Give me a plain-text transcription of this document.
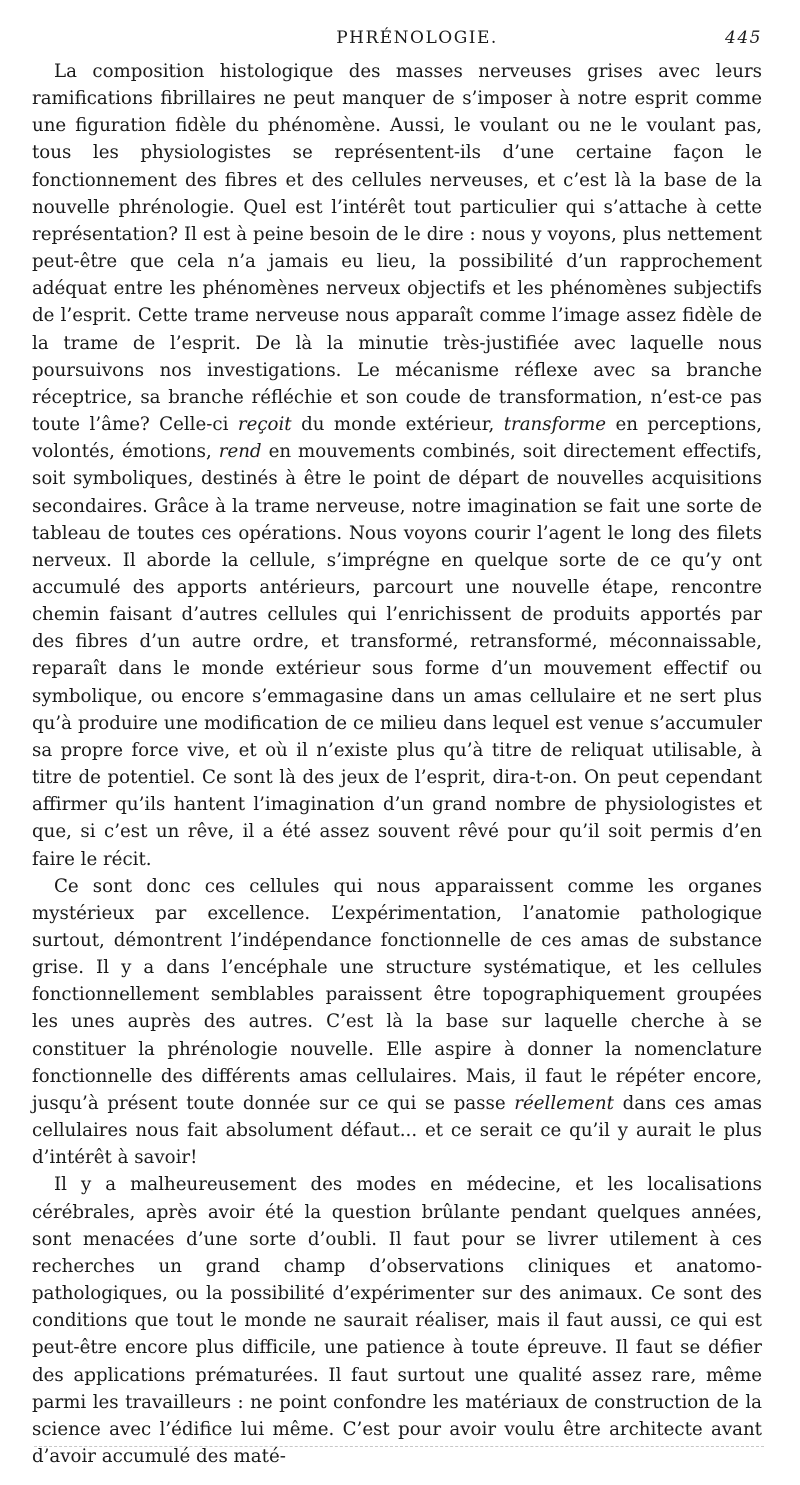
PHRÉNOLOGIE.	445

La composition histologique des masses nerveuses grises avec leurs ramifications fibrillaires ne peut manquer de s’imposer à notre esprit comme une figuration fidèle du phénomène. Aussi, le voulant ou ne le voulant pas, tous les physiologistes se représentent-ils d’une certaine façon le fonctionnement des fibres et des cellules nerveuses, et c’est là la base de la nouvelle phrénologie. Quel est l’intérêt tout particulier qui s’attache à cette représentation? Il est à peine besoin de le dire : nous y voyons, plus nettement peut-être que cela n’a jamais eu lieu, la possibilité d’un rapprochement adéquat entre les phénomènes nerveux objectifs et les phénomènes subjectifs de l’esprit. Cette trame nerveuse nous apparaît comme l’image assez fidèle de la trame de l’esprit. De là la minutie très-justifiée avec laquelle nous poursuivons nos investigations. Le mécanisme réflexe avec sa branche réceptrice, sa branche réfléchie et son coude de transformation, n’est-ce pas toute l’âme? Celle-ci reçoit du monde extérieur, transforme en perceptions, volontés, émotions, rend en mouvements combinés, soit directement effectifs, soit symboliques, destinés à être le point de départ de nouvelles acquisitions secondaires. Grâce à la trame nerveuse, notre imagination se fait une sorte de tableau de toutes ces opérations. Nous voyons courir l’agent le long des filets nerveux. Il aborde la cellule, s’imprégne en quelque sorte de ce qu’y ont accumulé des apports antérieurs, parcourt une nouvelle étape, rencontre chemin faisant d’autres cellules qui l’enrichissent de produits apportés par des fibres d’un autre ordre, et transformé, retransformé, méconnaissable, reparaît dans le monde extérieur sous forme d’un mouvement effectif ou symbolique, ou encore s’emmagasine dans un amas cellulaire et ne sert plus qu’à produire une modification de ce milieu dans lequel est venue s’accumuler sa propre force vive, et où il n’existe plus qu’à titre de reliquat utilisable, à titre de potentiel. Ce sont là des jeux de l’esprit, dira-t-on. On peut cependant affirmer qu’ils hantent l’imagination d’un grand nombre de physiologistes et que, si c’est un rêve, il a été assez souvent rêvé pour qu’il soit permis d’en faire le récit.

Ce sont donc ces cellules qui nous apparaissent comme les organes mystérieux par excellence. L’expérimentation, l’anatomie pathologique surtout, démontrent l’indépendance fonctionnelle de ces amas de substance grise. Il y a dans l’encéphale une structure systématique, et les cellules fonctionnellement semblables paraissent être topographiquement groupées les unes auprès des autres. C’est là la base sur laquelle cherche à se constituer la phrénologie nouvelle. Elle aspire à donner la nomenclature fonctionnelle des différents amas cellulaires. Mais, il faut le répéter encore, jusqu’à présent toute donnée sur ce qui se passe réellement dans ces amas cellulaires nous fait absolument défaut... et ce serait ce qu’il y aurait le plus d’intérêt à savoir!

Il y a malheureusement des modes en médecine, et les localisations cérébrales, après avoir été la question brûlante pendant quelques années, sont menacées d’une sorte d’oubli. Il faut pour se livrer utilement à ces recherches un grand champ d’observations cliniques et anatomo-pathologiques, ou la possibilité d’expérimenter sur des animaux. Ce sont des conditions que tout le monde ne saurait réaliser, mais il faut aussi, ce qui est peut-être encore plus difficile, une patience à toute épreuve. Il faut se défier des applications prématurées. Il faut surtout une qualité assez rare, même parmi les travailleurs : ne point confondre les matériaux de construction de la science avec l’édifice lui même. C’est pour avoir voulu être architecte avant d’avoir accumulé des maté-
